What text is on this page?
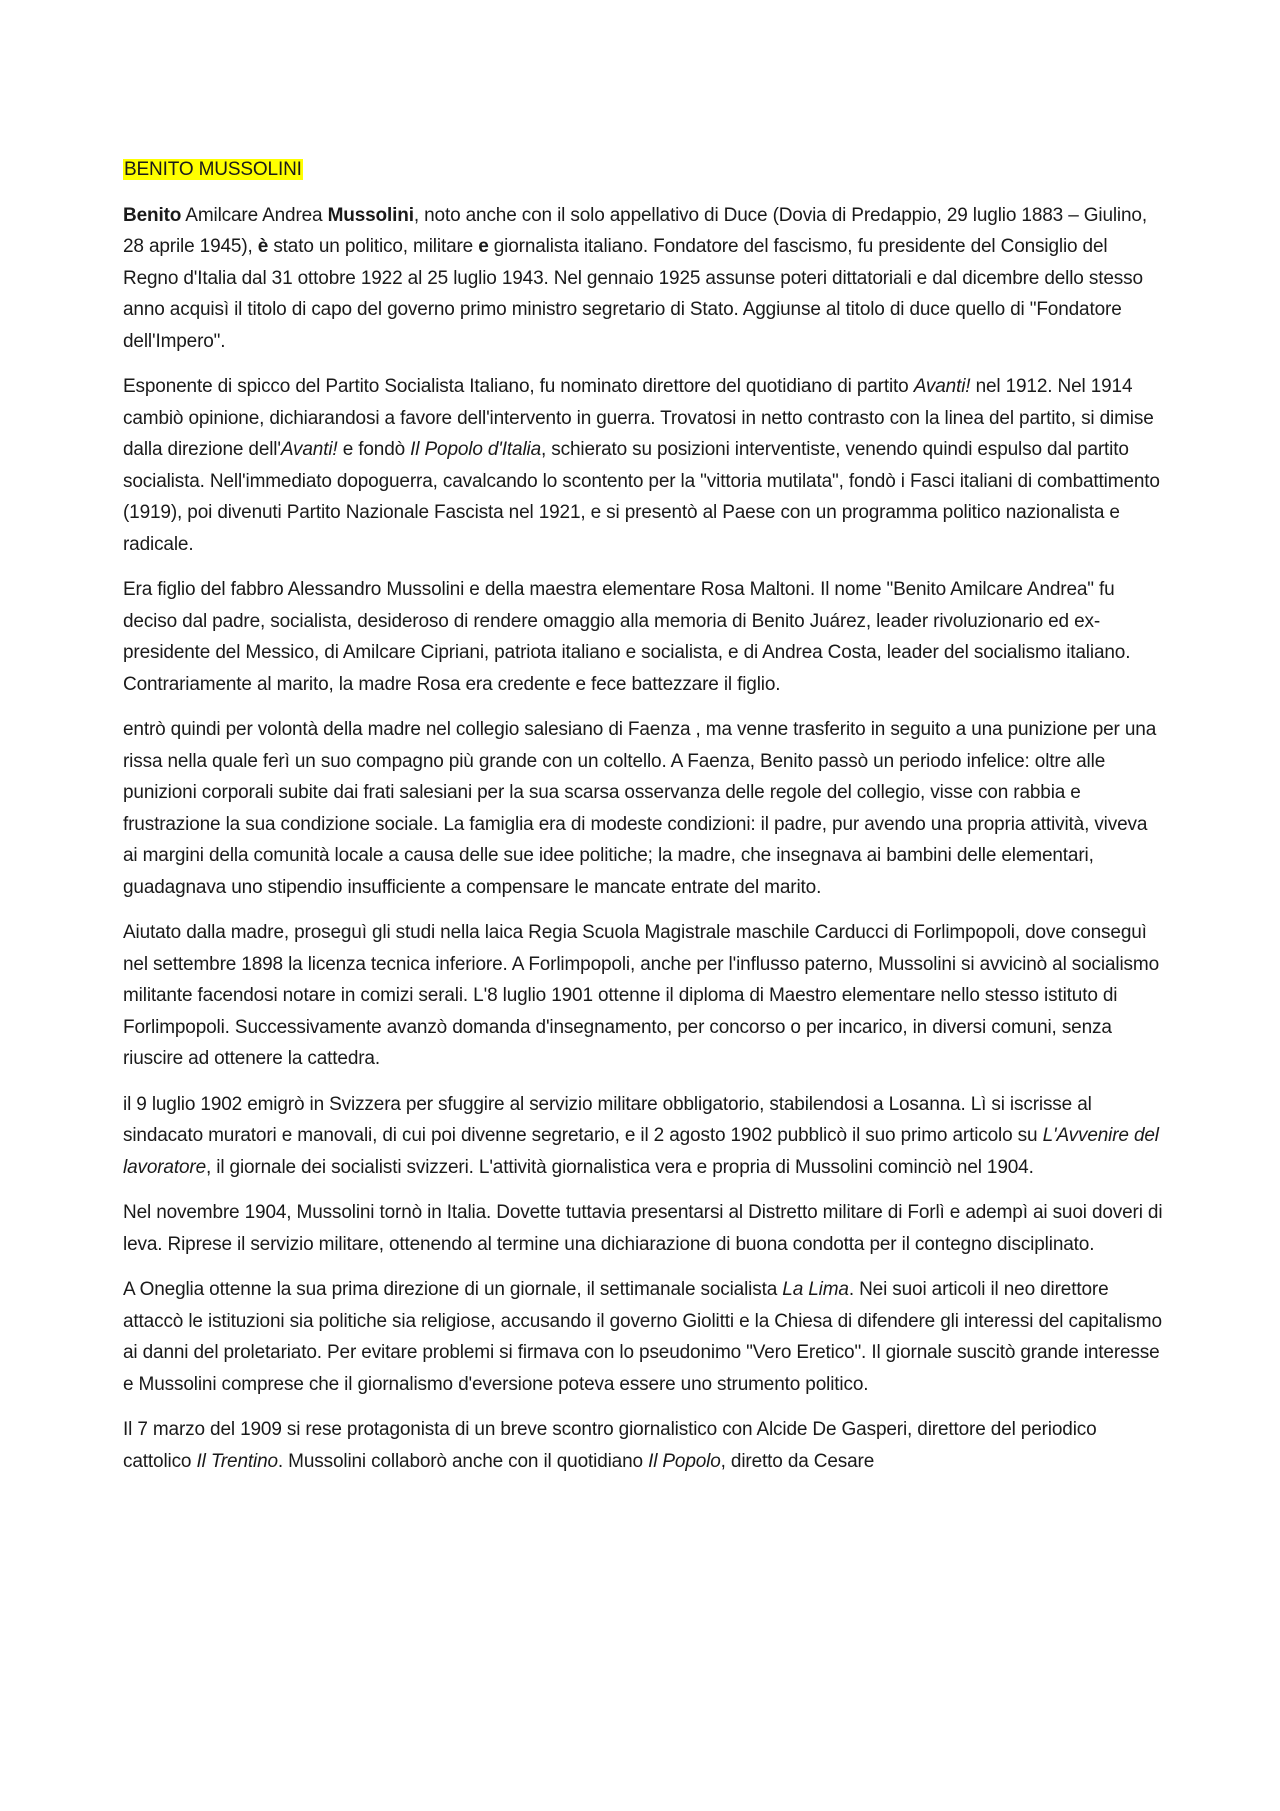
BENITO MUSSOLINI

Benito Amilcare Andrea Mussolini, noto anche con il solo appellativo di Duce (Dovia di Predappio, 29 luglio 1883 – Giulino, 28 aprile 1945), è stato un politico, militare e giornalista italiano. Fondatore del fascismo, fu presidente del Consiglio del Regno d'Italia dal 31 ottobre 1922 al 25 luglio 1943. Nel gennaio 1925 assunse poteri dittatoriali e dal dicembre dello stesso anno acquisì il titolo di capo del governo primo ministro segretario di Stato. Aggiunse al titolo di duce quello di "Fondatore dell'Impero".

Esponente di spicco del Partito Socialista Italiano, fu nominato direttore del quotidiano di partito Avanti! nel 1912. Nel 1914 cambiò opinione, dichiarandosi a favore dell'intervento in guerra. Trovatosi in netto contrasto con la linea del partito, si dimise dalla direzione dell'Avanti! e fondò Il Popolo d'Italia, schierato su posizioni interventiste, venendo quindi espulso dal partito socialista. Nell'immediato dopoguerra, cavalcando lo scontento per la "vittoria mutilata", fondò i Fasci italiani di combattimento (1919), poi divenuti Partito Nazionale Fascista nel 1921, e si presentò al Paese con un programma politico nazionalista e radicale.

Era figlio del fabbro Alessandro Mussolini e della maestra elementare Rosa Maltoni. Il nome "Benito Amilcare Andrea" fu deciso dal padre, socialista, desideroso di rendere omaggio alla memoria di Benito Juárez, leader rivoluzionario ed ex-presidente del Messico, di Amilcare Cipriani, patriota italiano e socialista, e di Andrea Costa, leader del socialismo italiano. Contrariamente al marito, la madre Rosa era credente e fece battezzare il figlio.

entrò quindi per volontà della madre nel collegio salesiano di Faenza , ma venne trasferito in seguito a una punizione per una rissa nella quale ferì un suo compagno più grande con un coltello. A Faenza, Benito passò un periodo infelice: oltre alle punizioni corporali subite dai frati salesiani per la sua scarsa osservanza delle regole del collegio, visse con rabbia e frustrazione la sua condizione sociale. La famiglia era di modeste condizioni: il padre, pur avendo una propria attività, viveva ai margini della comunità locale a causa delle sue idee politiche; la madre, che insegnava ai bambini delle elementari, guadagnava uno stipendio insufficiente a compensare le mancate entrate del marito.

Aiutato dalla madre, proseguì gli studi nella laica Regia Scuola Magistrale maschile Carducci di Forlimpopoli, dove conseguì nel settembre 1898 la licenza tecnica inferiore. A Forlimpopoli, anche per l'influsso paterno, Mussolini si avvicinò al socialismo militante facendosi notare in comizi serali. L'8 luglio 1901 ottenne il diploma di Maestro elementare nello stesso istituto di Forlimpopoli. Successivamente avanzò domanda d'insegnamento, per concorso o per incarico, in diversi comuni, senza riuscire ad ottenere la cattedra.

il 9 luglio 1902 emigrò in Svizzera per sfuggire al servizio militare obbligatorio, stabilendosi a Losanna. Lì si iscrisse al sindacato muratori e manovali, di cui poi divenne segretario, e il 2 agosto 1902 pubblicò il suo primo articolo su L'Avvenire del lavoratore, il giornale dei socialisti svizzeri. L'attività giornalistica vera e propria di Mussolini cominciò nel 1904.

Nel novembre 1904, Mussolini tornò in Italia. Dovette tuttavia presentarsi al Distretto militare di Forlì e adempì ai suoi doveri di leva. Riprese il servizio militare, ottenendo al termine una dichiarazione di buona condotta per il contegno disciplinato.

A Oneglia ottenne la sua prima direzione di un giornale, il settimanale socialista La Lima. Nei suoi articoli il neo direttore attaccò le istituzioni sia politiche sia religiose, accusando il governo Giolitti e la Chiesa di difendere gli interessi del capitalismo ai danni del proletariato. Per evitare problemi si firmava con lo pseudonimo "Vero Eretico". Il giornale suscitò grande interesse e Mussolini comprese che il giornalismo d'eversione poteva essere uno strumento politico.

Il 7 marzo del 1909 si rese protagonista di un breve scontro giornalistico con Alcide De Gasperi, direttore del periodico cattolico Il Trentino. Mussolini collaborò anche con il quotidiano Il Popolo, diretto da Cesare
